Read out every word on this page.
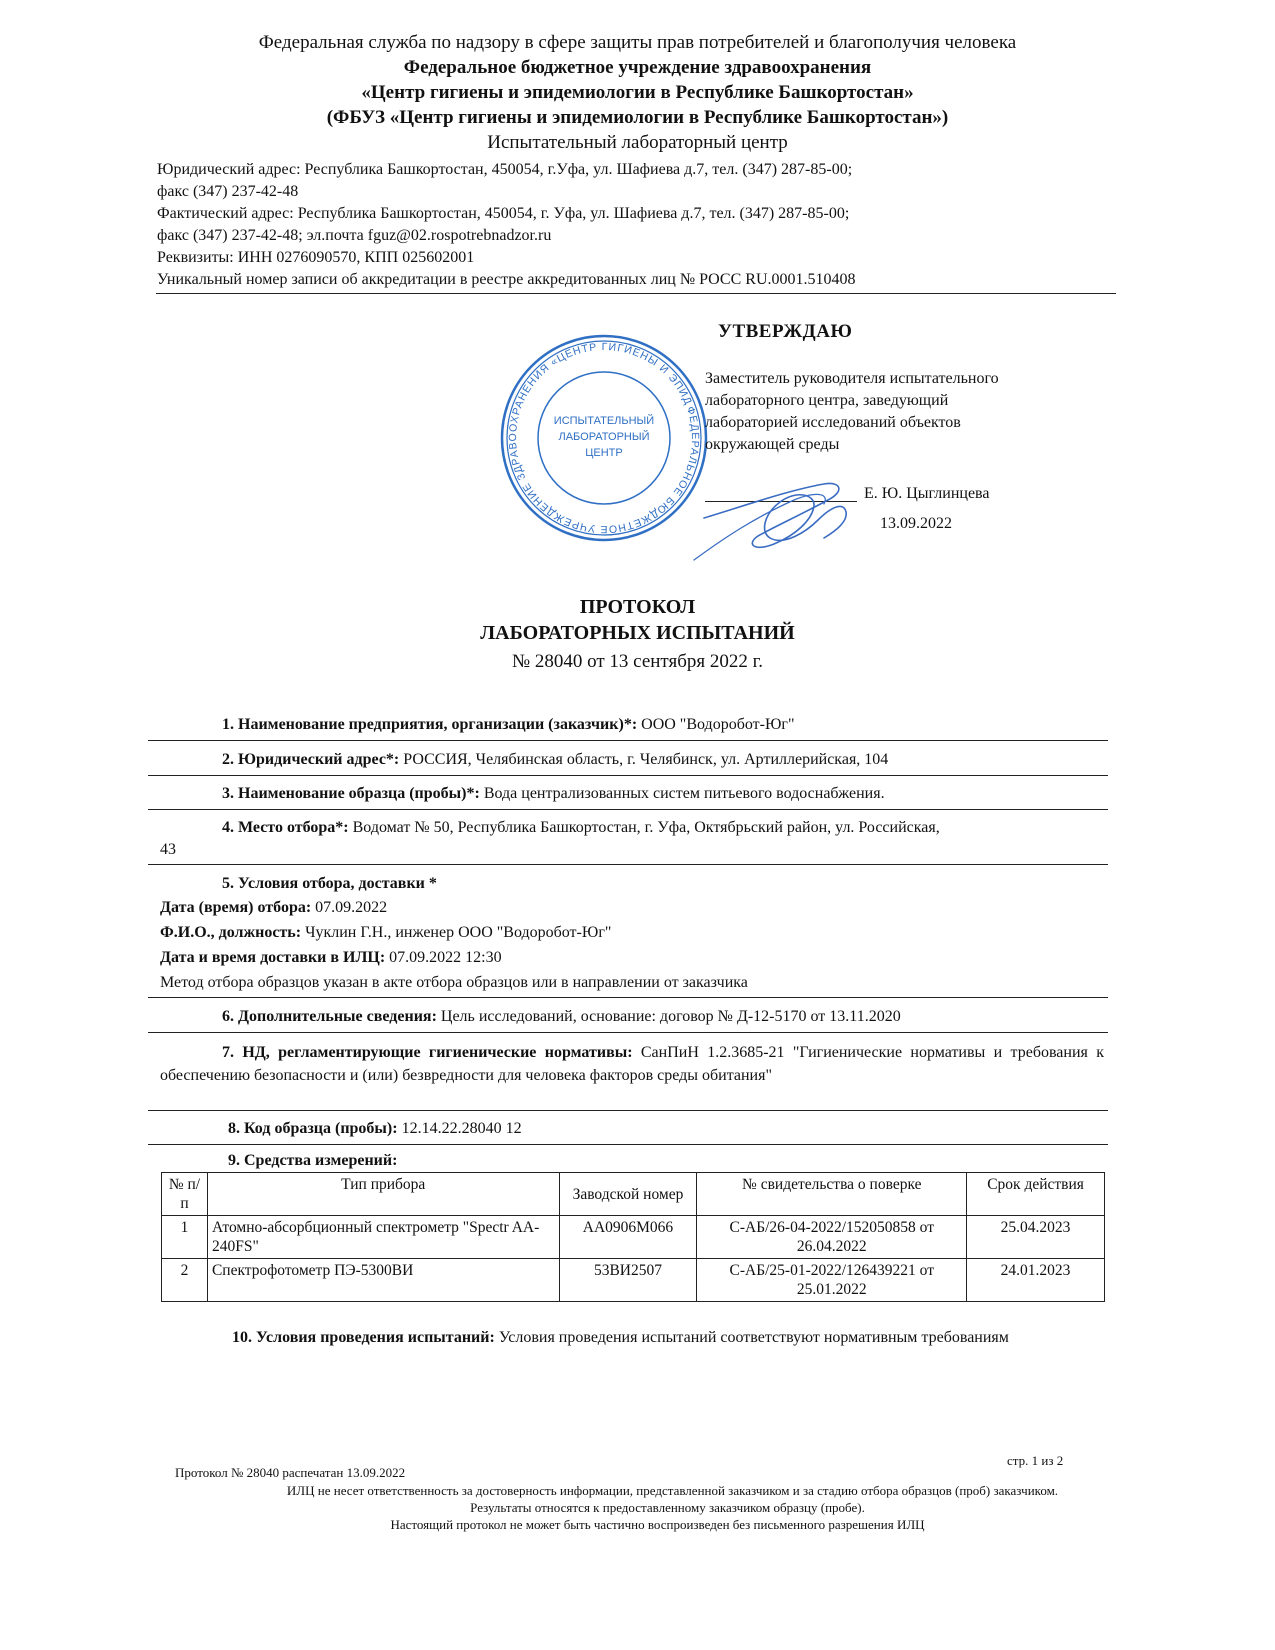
Федеральная служба по надзору в сфере защиты прав потребителей и благополучия человека
Федеральное бюджетное учреждение здравоохранения
«Центр гигиены и эпидемиологии в Республике Башкортостан»
(ФБУЗ «Центр гигиены и эпидемиологии в Республике Башкортостан»)
Испытательный лабораторный центр
Юридический адрес: Республика Башкортостан, 450054, г.Уфа, ул. Шафиева д.7, тел. (347) 287-85-00;
факс (347) 237-42-48
Фактический адрес: Республика Башкортостан, 450054, г. Уфа, ул. Шафиева д.7, тел. (347) 287-85-00;
факс (347) 237-42-48; эл.почта fguz@02.rospotrebnadzor.ru
Реквизиты: ИНН 0276090570, КПП 025602001
Уникальный номер записи об аккредитации в реестре аккредитованных лиц № РОСС RU.0001.510408
ФЕДЕРАЛЬНОЕ БЮДЖЕТНОЕ УЧРЕЖДЕНИЕ ЗДРАВООХРАНЕНИЯ «ЦЕНТР ГИГИЕНЫ И ЭПИДЕМИОЛОГИИ
ИСПЫТАТЕЛЬНЫЙ
ЛАБОРАТОРНЫЙ
ЦЕНТР
УТВЕРЖДАЮ
Заместитель руководителя испытательного
лабораторного центра, заведующий
лабораторией исследований объектов
окружающей среды
Е. Ю. Цыглинцева
13.09.2022
ПРОТОКОЛ
ЛАБОРАТОРНЫХ ИСПЫТАНИЙ
№ 28040 от 13 сентября 2022 г.
1. Наименование предприятия, организации (заказчик)*: ООО "Водоробот-Юг"
2. Юридический адрес*: РОССИЯ, Челябинская область, г. Челябинск, ул. Артиллерийская, 104
3. Наименование образца (пробы)*: Вода централизованных систем питьевого водоснабжения.
4. Место отбора*: Водомат № 50, Республика Башкортостан, г. Уфа, Октябрьский район, ул. Российская,
43
5. Условия отбора, доставки *
Дата (время) отбора: 07.09.2022
Ф.И.О., должность: Чуклин Г.Н., инженер ООО "Водоробот-Юг"
Дата и время доставки в ИЛЦ: 07.09.2022 12:30
Метод отбора образцов указан в акте отбора образцов или в направлении от заказчика
6. Дополнительные сведения: Цель исследований, основание: договор № Д-12-5170 от 13.11.2020
7. НД, регламентирующие гигиенические нормативы: СанПиН 1.2.3685-21 "Гигиенические нормативы и требования к обеспечению безопасности и (или) безвредности для человека факторов среды обитания"
8. Код образца (пробы): 12.14.22.28040 12
9. Средства измерений:
№ п/п	Тип прибора	Заводской номер	№ свидетельства о поверке	Срок действия
1	Атомно-абсорбционный спектрометр "Spectr AA-240FS"	АА0906М066	С-АБ/26-04-2022/152050858 от 26.04.2022	25.04.2023
2	Спектрофотометр ПЭ-5300ВИ	53ВИ2507	С-АБ/25-01-2022/126439221 от 25.01.2022	24.01.2023
10. Условия проведения испытаний: Условия проведения испытаний соответствуют нормативным требованиям
Протокол № 28040 распечатан 13.09.2022
стр. 1 из 2
ИЛЦ не несет ответственность за достоверность информации, представленной заказчиком и за стадию отбора образцов (проб) заказчиком.
Результаты относятся к предоставленному заказчиком образцу (пробе).
Настоящий протокол не может быть частично воспроизведен без письменного разрешения ИЛЦ
